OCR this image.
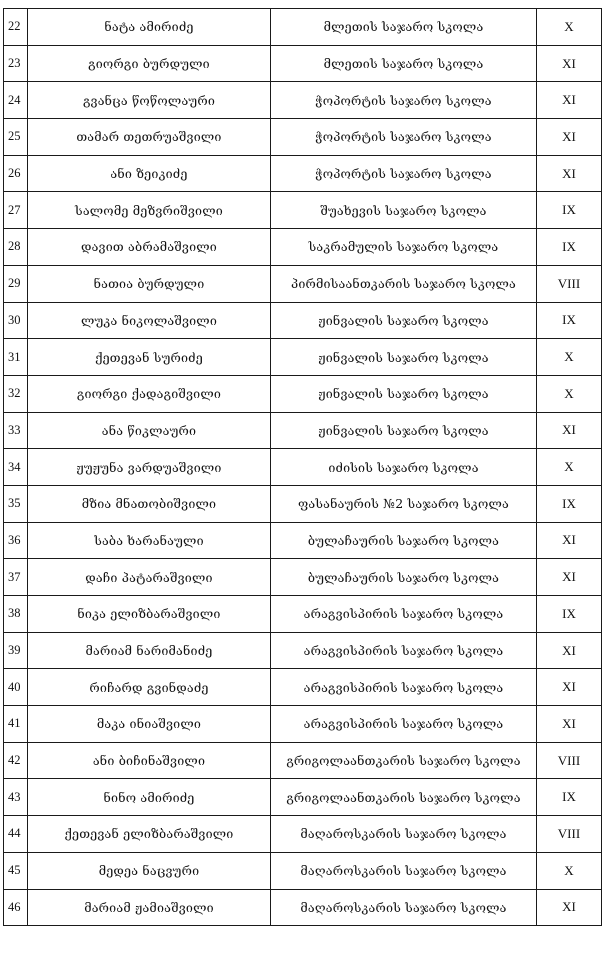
22	ნატა ამირიძე	მლეთის საჯარო სკოლა	X
23	გიორგი ბურდული	მლეთის საჯარო სკოლა	XI
24	გვანცა წოწოლაური	ჭოპორტის საჯარო სკოლა	XI
25	თამარ თეთრუაშვილი	ჭოპორტის საჯარო სკოლა	XI
26	ანი ზეიკიძე	ჭოპორტის საჯარო სკოლა	XI
27	სალომე მეზვრიშვილი	შუახევის საჯარო სკოლა	IX
28	დავით აბრამაშვილი	საკრამულის საჯარო სკოლა	IX
29	ნათია ბურდული	პირმისაანთკარის საჯარო სკოლა	VIII
30	ლუკა ნიკოლაშვილი	ჟინვალის საჯარო სკოლა	IX
31	ქეთევან სურიძე	ჟინვალის საჯარო სკოლა	X
32	გიორგი ქადაგიშვილი	ჟინვალის საჯარო სკოლა	X
33	ანა წიკლაური	ჟინვალის საჯარო სკოლა	XI
34	ჟუჟუნა ვარდუაშვილი	იძისის საჯარო სკოლა	X
35	მზია მნათობიშვილი	ფასანაურის №2 საჯარო სკოლა	IX
36	საბა ხარანაული	ბულაჩაურის საჯარო სკოლა	XI
37	დაჩი პატარაშვილი	ბულაჩაურის საჯარო სკოლა	XI
38	ნიკა ელიზბარაშვილი	არაგვისპირის საჯარო სკოლა	IX
39	მარიამ ნარიმანიძე	არაგვისპირის საჯარო სკოლა	XI
40	რიჩარდ გვინდაძე	არაგვისპირის საჯარო სკოლა	XI
41	მაკა ინიაშვილი	არაგვისპირის საჯარო სკოლა	XI
42	ანი ბიჩინაშვილი	გრიგოლაანთკარის საჯარო სკოლა	VIII
43	ნინო ამირიძე	გრიგოლაანთკარის საჯარო სკოლა	IX
44	ქეთევან ელიზბარაშვილი	მაღაროსკარის საჯარო სკოლა	VIII
45	მედეა ნაცვური	მაღაროსკარის საჯარო სკოლა	X
46	მარიამ ჟამიაშვილი	მაღაროსკარის საჯარო სკოლა	XI
